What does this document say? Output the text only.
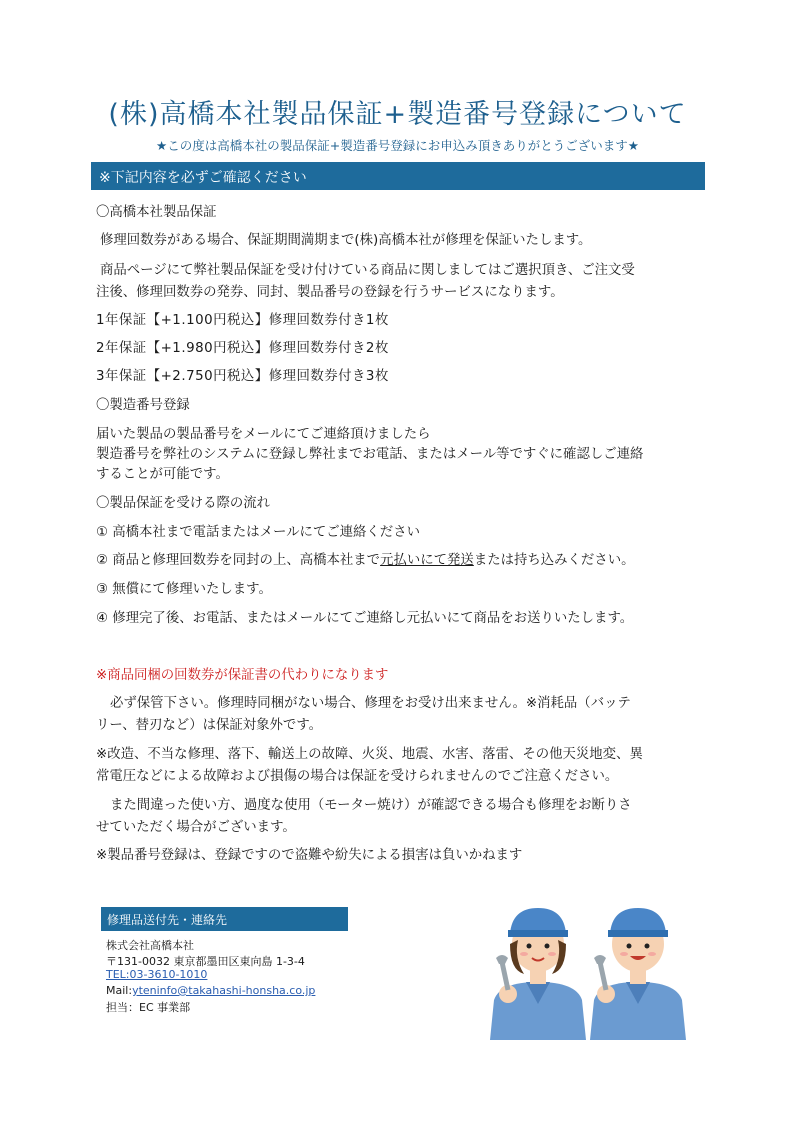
(株)高橋本社製品保証+製造番号登録について
★この度は高橋本社の製品保証+製造番号登録にお申込み頂きありがとうございます★
※下記内容を必ずご確認ください
〇高橋本社製品保証
修理回数券がある場合、保証期間満期まで(株)高橋本社が修理を保証いたします。
商品ページにて弊社製品保証を受け付けている商品に関しましてはご選択頂き、ご注文受
注後、修理回数券の発券、同封、製品番号の登録を行うサービスになります。
1年保証【+1.100円税込】修理回数券付き1枚
2年保証【+1.980円税込】修理回数券付き2枚
3年保証【+2.750円税込】修理回数券付き3枚
〇製造番号登録
届いた製品の製品番号をメールにてご連絡頂けましたら
製造番号を弊社のシステムに登録し弊社までお電話、またはメール等ですぐに確認しご連絡
することが可能です。
〇製品保証を受ける際の流れ
① 高橋本社まで電話またはメールにてご連絡ください
② 商品と修理回数券を同封の上、高橋本社まで元払いにて発送または持ち込みください。
③ 無償にて修理いたします。
④ 修理完了後、お電話、またはメールにてご連絡し元払いにて商品をお送りいたします。
※商品同梱の回数券が保証書の代わりになります
必ず保管下さい。修理時同梱がない場合、修理をお受け出来ません。※消耗品（バッテ
リー、替刃など）は保証対象外です。
※改造、不当な修理、落下、輸送上の故障、火災、地震、水害、落雷、その他天災地変、異
常電圧などによる故障および損傷の場合は保証を受けられませんのでご注意ください。
また間違った使い方、過度な使用（モーター焼け）が確認できる場合も修理をお断りさ
せていただく場合がございます。
※製品番号登録は、登録ですので盗難や紛失による損害は負いかねます
修理品送付先・連絡先
株式会社高橋本社
〒131-0032 東京都墨田区東向島 1-3-4
TEL:03-3610-1010
Mail:yteninfo@takahashi-honsha.co.jp
担当：EC 事業部
